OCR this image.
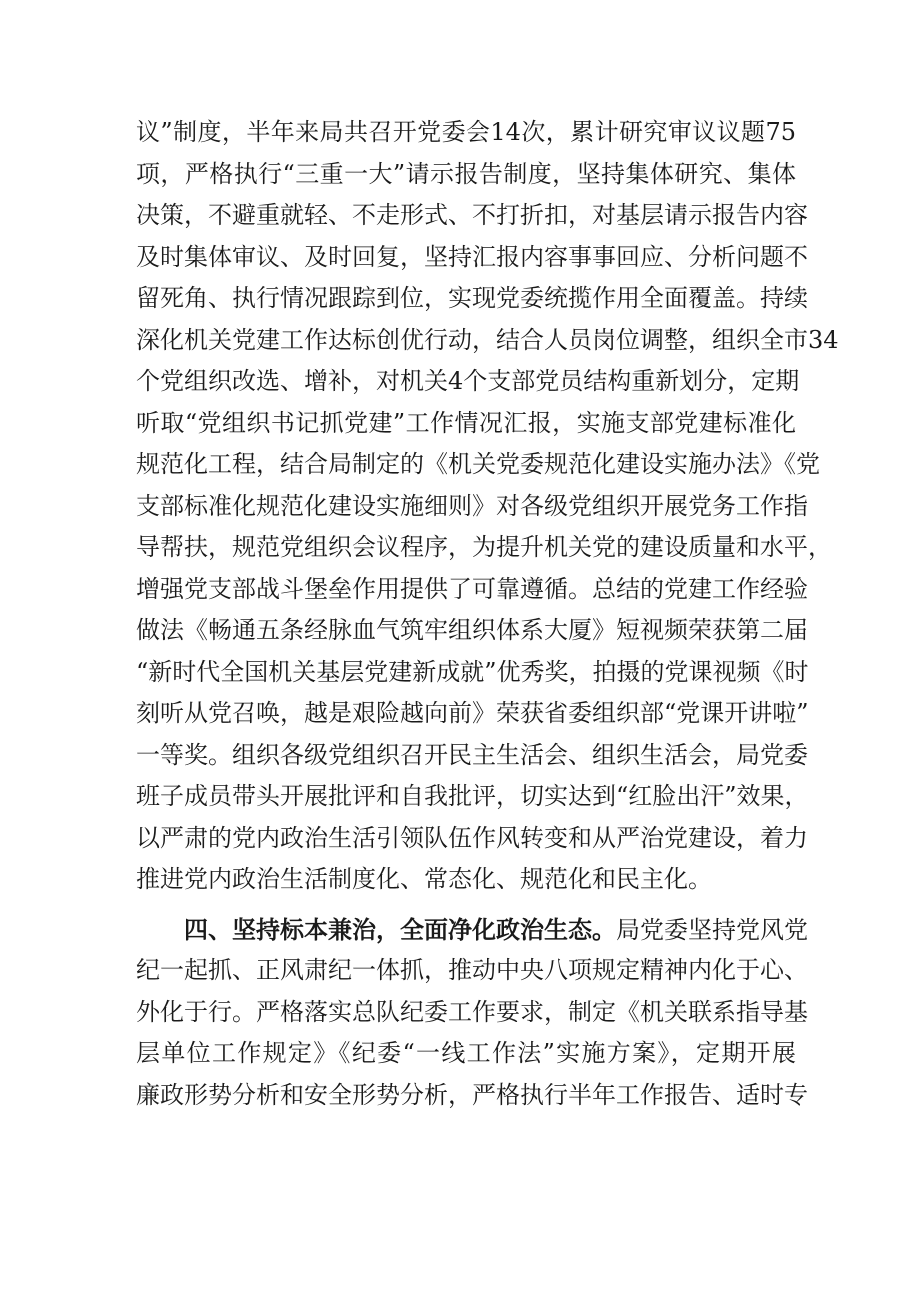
议”制度，半年来局共召开党委会14次，累计研究审议议题75
项，严格执行“三重一大”请示报告制度，坚持集体研究、集体
决策，不避重就轻、不走形式、不打折扣，对基层请示报告内容
及时集体审议、及时回复，坚持汇报内容事事回应、分析问题不
留死角、执行情况跟踪到位，实现党委统揽作用全面覆盖。持续
深化机关党建工作达标创优行动，结合人员岗位调整，组织全市34
个党组织改选、增补，对机关4个支部党员结构重新划分，定期
听取“党组织书记抓党建”工作情况汇报，实施支部党建标准化
规范化工程，结合局制定的《机关党委规范化建设实施办法》《党
支部标准化规范化建设实施细则》对各级党组织开展党务工作指
导帮扶，规范党组织会议程序，为提升机关党的建设质量和水平，
增强党支部战斗堡垒作用提供了可靠遵循。总结的党建工作经验
做法《畅通五条经脉血气筑牢组织体系大厦》短视频荣获第二届
“新时代全国机关基层党建新成就”优秀奖，拍摄的党课视频《时
刻听从党召唤，越是艰险越向前》荣获省委组织部“党课开讲啦”
一等奖。组织各级党组织召开民主生活会、组织生活会，局党委
班子成员带头开展批评和自我批评，切实达到“红脸出汗”效果，
以严肃的党内政治生活引领队伍作风转变和从严治党建设，着力
推进党内政治生活制度化、常态化、规范化和民主化。
四、坚持标本兼治，全面净化政治生态。局党委坚持党风党
纪一起抓、正风肃纪一体抓，推动中央八项规定精神内化于心、
外化于行。严格落实总队纪委工作要求，制定《机关联系指导基
层单位工作规定》《纪委“一线工作法”实施方案》，定期开展
廉政形势分析和安全形势分析，严格执行半年工作报告、适时专
